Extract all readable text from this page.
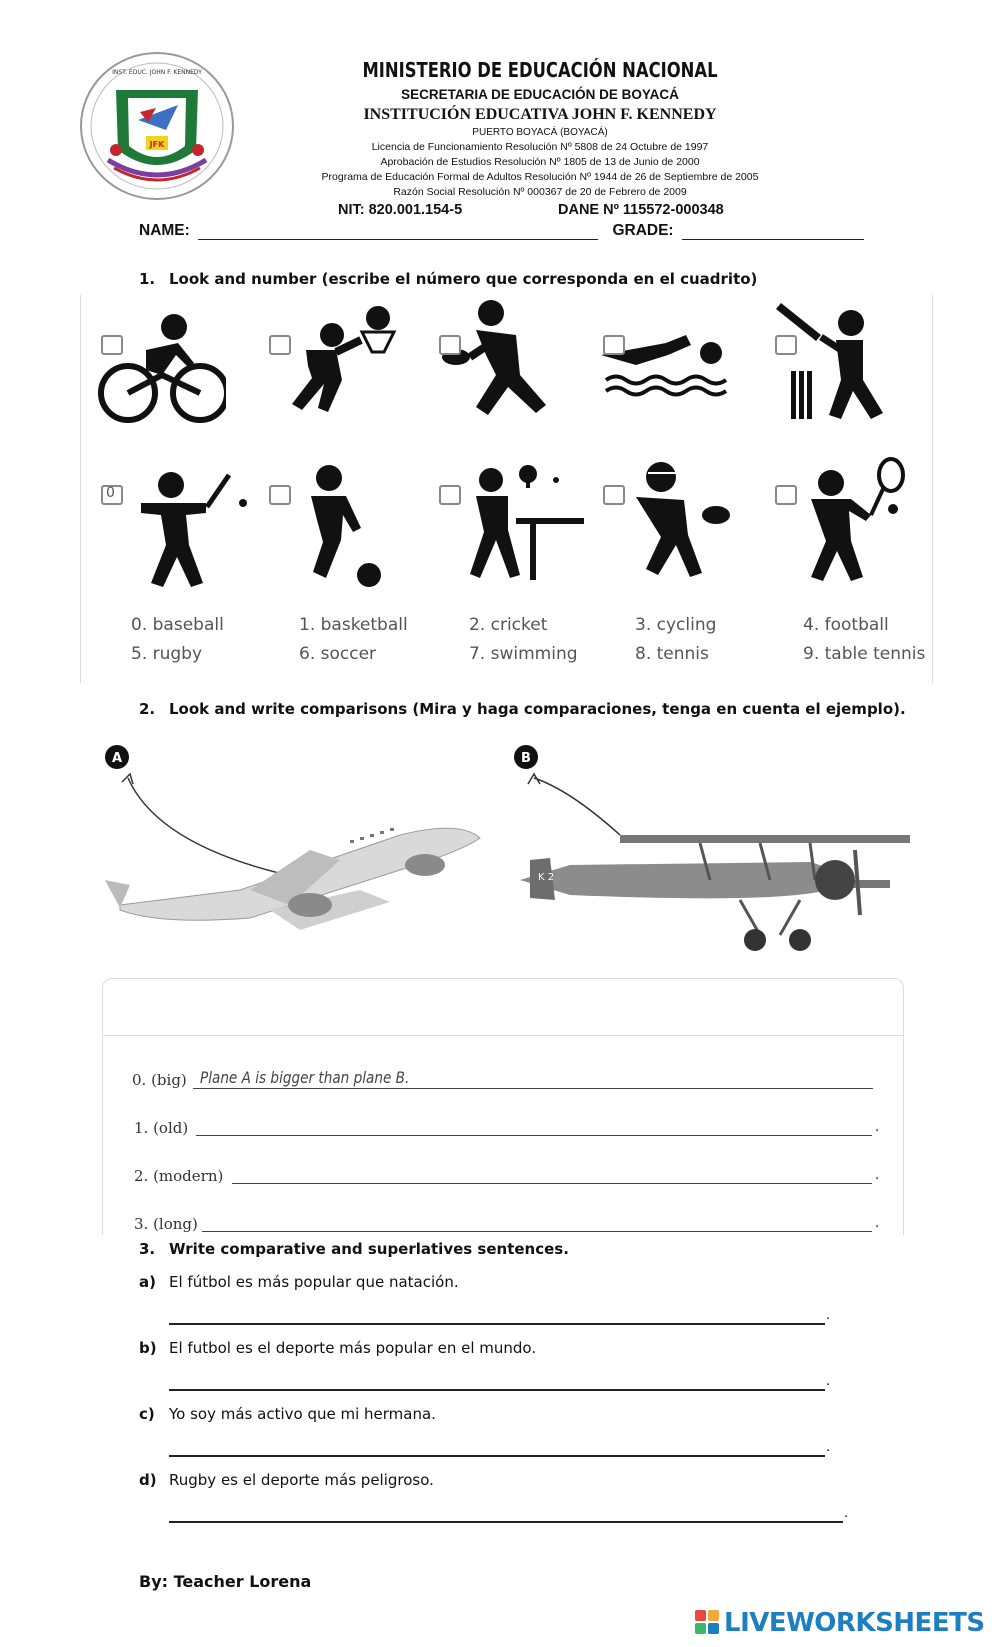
JFK
INST. EDUC. JOHN F. KENNEDY	MINISTERIO DE EDUCACIÓN NACIONAL
SECRETARIA DE EDUCACIÓN DE BOYACÁ
INSTITUCIÓN EDUCATIVA JOHN F. KENNEDY
PUERTO BOYACÁ (BOYACÁ)
Licencia de Funcionamiento Resolución Nº 5808 de 24 Octubre de 1997
Aprobación de Estudios Resolución Nº 1805 de 13 de Junio de 2000
Programa de Educación Formal de Adultos Resolución Nº 1944 de 26 de Septiembre de 2005
Razón Social Resolución Nº 000367 de 20 de Febrero de 2009
NIT: 820.001.154-5	DANE Nº 115572-000348
NAME:	GRADE:
1. Look and number (escribe el número que corresponda en el cuadrito)
0
0. baseball	1. basketball	2. cricket	3. cycling	4. football
5. rugby	6. soccer	7. swimming	8. tennis	9. table tennis
2. Look and write comparisons (Mira y haga comparaciones, tenga en cuenta el ejemplo).
A	B
K 2
Alan Jeffery/ Shutterstock.com
0. (big) Plane A is bigger than plane B.
1. (old)	.
2. (modern)	.
3. (long)	.
3. Write comparative and superlatives sentences.
a) El fútbol es más popular que natación.
.
b) El futbol es el deporte más popular en el mundo.
.
c) Yo soy más activo que mi hermana.
.
d) Rugby es el deporte más peligroso.
.
By: Teacher Lorena
LIVEWORKSHEETS
